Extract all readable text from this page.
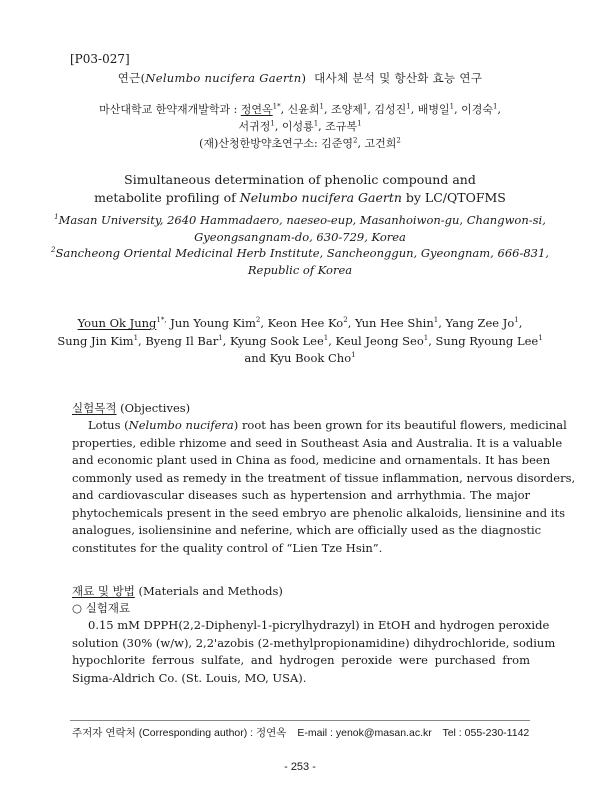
[P03-027]
연근(Nelumbo nucifera Gaertn)  대사체 분석 및 항산화 효능 연구
마산대학교 한약재개발학과 : 정연옥$^{1*}$, 신윤희$^1$, 조양제$^1$, 김성진$^1$, 배병일$^1$, 이경숙$^1$,
서귀정$^1$, 이성룡$^1$, 조규복$^1$
(재)산청한방약초연구소: 김준영$^2$, 고건희$^2$
Simultaneous determination of phenolic compound and
metabolite profiling of Nelumbo nucifera Gaertn by LC/QTOFMS
$^1$Masan University, 2640 Hammadaero, naeseo-eup, Masanhoiwon-gu, Changwon-si,
Gyeongsangnam-do, 630-729, Korea
$^2$Sancheong Oriental Medicinal Herb Institute, Sancheonggun, Gyeongnam, 666-831,
Republic of Korea
Youn Ok Jung$^{1*,}$ Jun Young Kim$^2$, Keon Hee Ko$^2$, Yun Hee Shin$^1$, Yang Zee Jo$^1$,
Sung Jin Kim$^1$, Byeng Il Bar$^1$, Kyung Sook Lee$^1$, Keul Jeong Seo$^1$, Sung Ryoung Lee$^1$
and Kyu Book Cho$^1$
실험목적 (Objectives)
Lotus (Nelumbo nucifera) root has been grown for its beautiful flowers, medicinal
properties, edible rhizome and seed in Southeast Asia and Australia. It is a valuable
and economic plant used in China as food, medicine and ornamentals. It has been
commonly used as remedy in the treatment of tissue inflammation, nervous disorders,
and cardiovascular diseases such as hypertension and arrhythmia. The major
phytochemicals present in the seed embryo are phenolic alkaloids, liensinine and its
analogues, isoliensinine and neferine, which are officially used as the diagnostic
constitutes for the quality control of “Lien Tze Hsin”.
재료 및 방법 (Materials and Methods)
○ 실험재료
0.15 mM DPPH(2,2-Diphenyl-1-picrylhydrazyl) in EtOH and hydrogen peroxide
solution (30% (w/w), 2,2'azobis (2-methylpropionamidine) dihydrochloride, sodium
hypochlorite ferrous sulfate, and hydrogen peroxide were purchased from
Sigma-Aldrich Co. (St. Louis, MO, USA).
주저자 연락처 (Corresponding author) : 정연옥 E-mail : yenok@masan.ac.kr Tel : 055-230-1142
- 253 -
